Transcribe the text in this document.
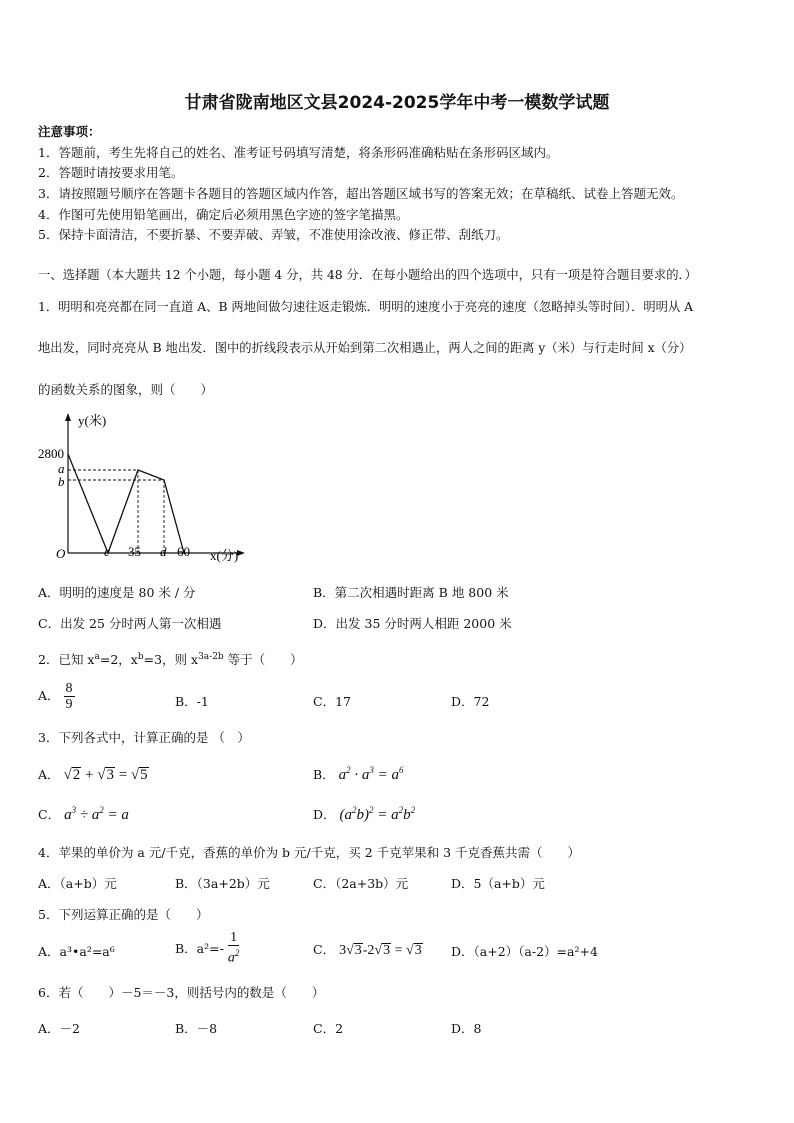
甘肃省陇南地区文县2024-2025学年中考一模数学试题
注意事项：
1．答题前，考生先将自己的姓名、准考证号码填写清楚，将条形码准确粘贴在条形码区域内。
2．答题时请按要求用笔。
3．请按照题号顺序在答题卡各题目的答题区域内作答，超出答题区域书写的答案无效；在草稿纸、试卷上答题无效。
4．作图可先使用铅笔画出，确定后必须用黑色字迹的签字笔描黑。
5．保持卡面清洁，不要折暴、不要弄破、弄皱，不准使用涂改液、修正带、刮纸刀。
一、选择题（本大题共 12 个小题，每小题 4 分，共 48 分．在每小题给出的四个选项中，只有一项是符合题目要求的．）
1．明明和亮亮都在同一直道 A、B 两地间做匀速往返走锻炼．明明的速度小于亮亮的速度（忽略掉头等时间）．明明从 A
地出发，同时亮亮从 B 地出发．图中的折线段表示从开始到第二次相遇止，两人之间的距离 y（米）与行走时间 x（分）
的函数关系的图象，则（　　）
y(米)
x(分)
2800
a
b
O	c 35 d 60
A．明明的速度是 80 米 / 分	B．第二次相遇时距离 B 地 800 米
C．出发 25 分时两人第一次相遇	D．出发 35 分时两人相距 2000 米
2．已知 $x^a=2$，$x^b=3$，则 $x^{3a-2b}$ 等于（　　）
A． $\frac{8}{9}$	B．-1	C．17	D．72
3．下列各式中，计算正确的是 （　）
A． √2 + √3 = √5	B． $a^2 \cdot a^3 = a^6$
C． $a^3 \div a^2 = a$	D． $(a^2b)^2 = a^2b^2$
4．苹果的单价为 a 元/千克，香蕉的单价为 b 元/千克，买 2 千克苹果和 3 千克香蕉共需（　　）
A．（a+b）元	B．（3a+2b）元	C．（2a+3b）元	D．5（a+b）元
5．下列运算正确的是（　　）
A．a³•a²=a⁶	B．$a^2=- \frac{1}{a^2}$	C． 3√3-2√3 = √3 D．（a+2）（a-2）=a²+4
6．若（　　）－5＝－3，则括号内的数是（　　）
A．－2	B．－8	C．2	D．8
